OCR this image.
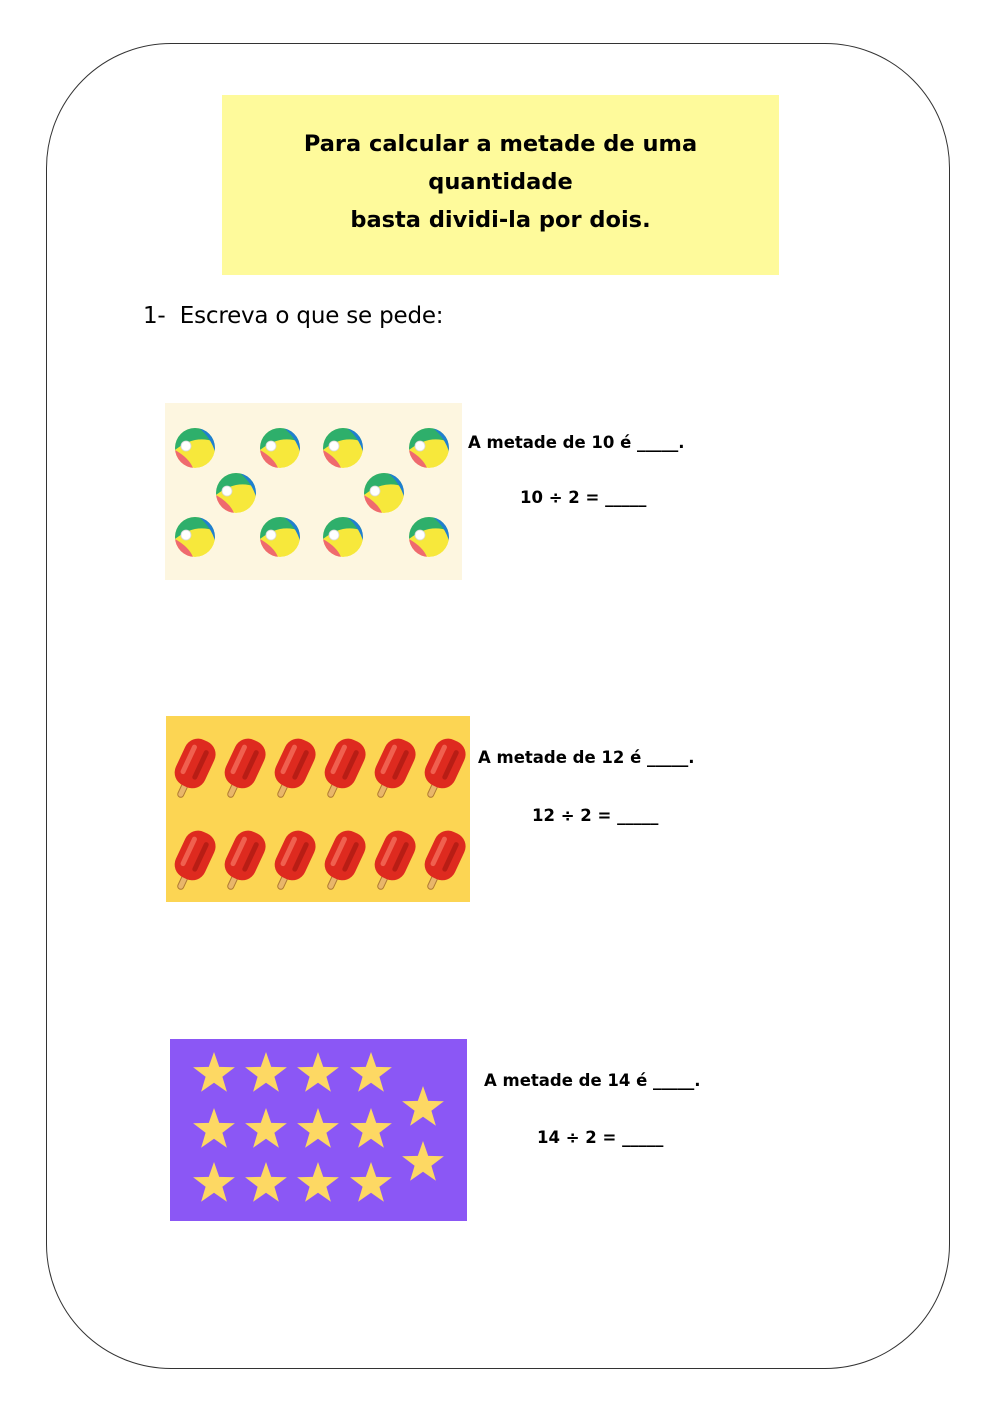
Para calcular a metade de uma quantidade
basta dividi-la por dois.
1-  Escreva o que se pede:
A metade de 10 é _____.
10 ÷ 2 = _____
A metade de 12 é _____.
12 ÷ 2 = _____
A metade de 14 é _____.
14 ÷ 2 = _____
